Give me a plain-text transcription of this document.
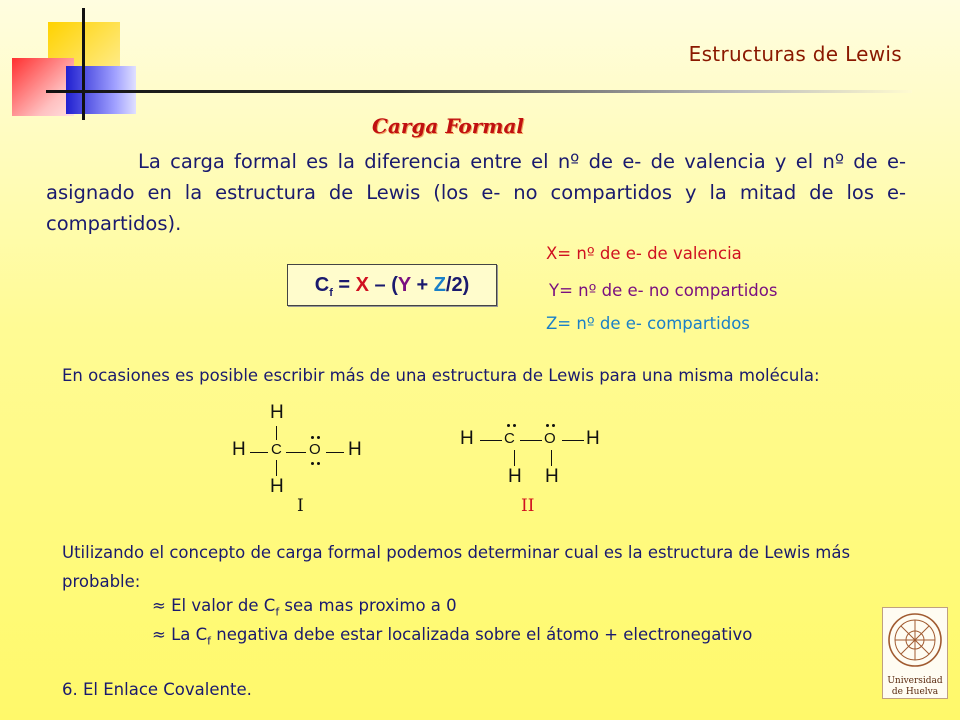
Estructuras de Lewis
Carga Formal
La carga formal es la diferencia entre el nº de e- de valencia y el nº de e- asignado en la estructura de Lewis (los e- no compartidos y la mitad de los e- compartidos).
$C_f = X - (Y + Z/2)$
X= nº de e- de valencia
Y= nº de e- no compartidos
Z= nº de e- compartidos
En ocasiones es posible escribir más de una estructura de Lewis para una misma molécula:
H
H C O H
H
H C O H
H H
I	II
Utilizando el concepto de carga formal podemos determinar cual es la estructura de Lewis más probable:
≈ El valor de $C_f$ sea mas proximo a 0
≈ La $C_f$ negativa debe estar localizada sobre el átomo + electronegativo
6. El Enlace Covalente.	Universidad
de Huelva
